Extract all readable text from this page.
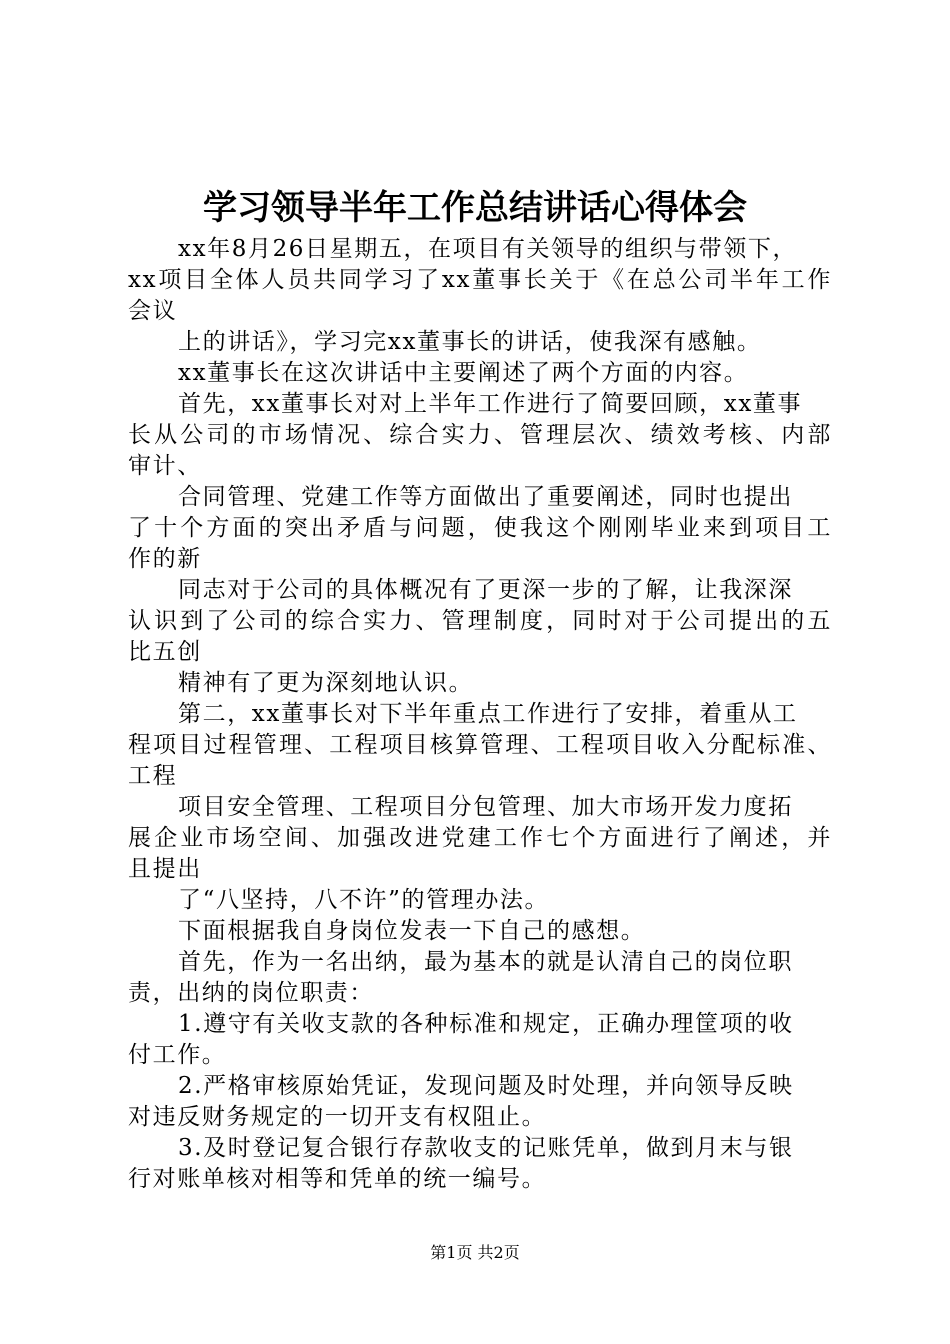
学习领导半年工作总结讲话心得体会
xx年8月26日星期五，在项目有关领导的组织与带领下，
xx项目全体人员共同学习了xx董事长关于《在总公司半年工作
会议
上的讲话》，学习完xx董事长的讲话，使我深有感触。
xx董事长在这次讲话中主要阐述了两个方面的内容。
首先，xx董事长对对上半年工作进行了简要回顾，xx董事
长从公司的市场情况、综合实力、管理层次、绩效考核、内部
审计、
合同管理、党建工作等方面做出了重要阐述，同时也提出
了十个方面的突出矛盾与问题，使我这个刚刚毕业来到项目工
作的新
同志对于公司的具体概况有了更深一步的了解，让我深深
认识到了公司的综合实力、管理制度，同时对于公司提出的五
比五创
精神有了更为深刻地认识。
第二，xx董事长对下半年重点工作进行了安排，着重从工
程项目过程管理、工程项目核算管理、工程项目收入分配标准、
工程
项目安全管理、工程项目分包管理、加大市场开发力度拓
展企业市场空间、加强改进党建工作七个方面进行了阐述，并
且提出
了“八坚持，八不许”的管理办法。
下面根据我自身岗位发表一下自己的感想。
首先，作为一名出纳，最为基本的就是认清自己的岗位职
责，出纳的岗位职责：
1.遵守有关收支款的各种标准和规定，正确办理筐项的收
付工作。
2.严格审核原始凭证，发现问题及时处理，并向领导反映
对违反财务规定的一切开支有权阻止。
3.及时登记复合银行存款收支的记账凭单，做到月末与银
行对账单核对相等和凭单的统一编号。
第1页 共2页
